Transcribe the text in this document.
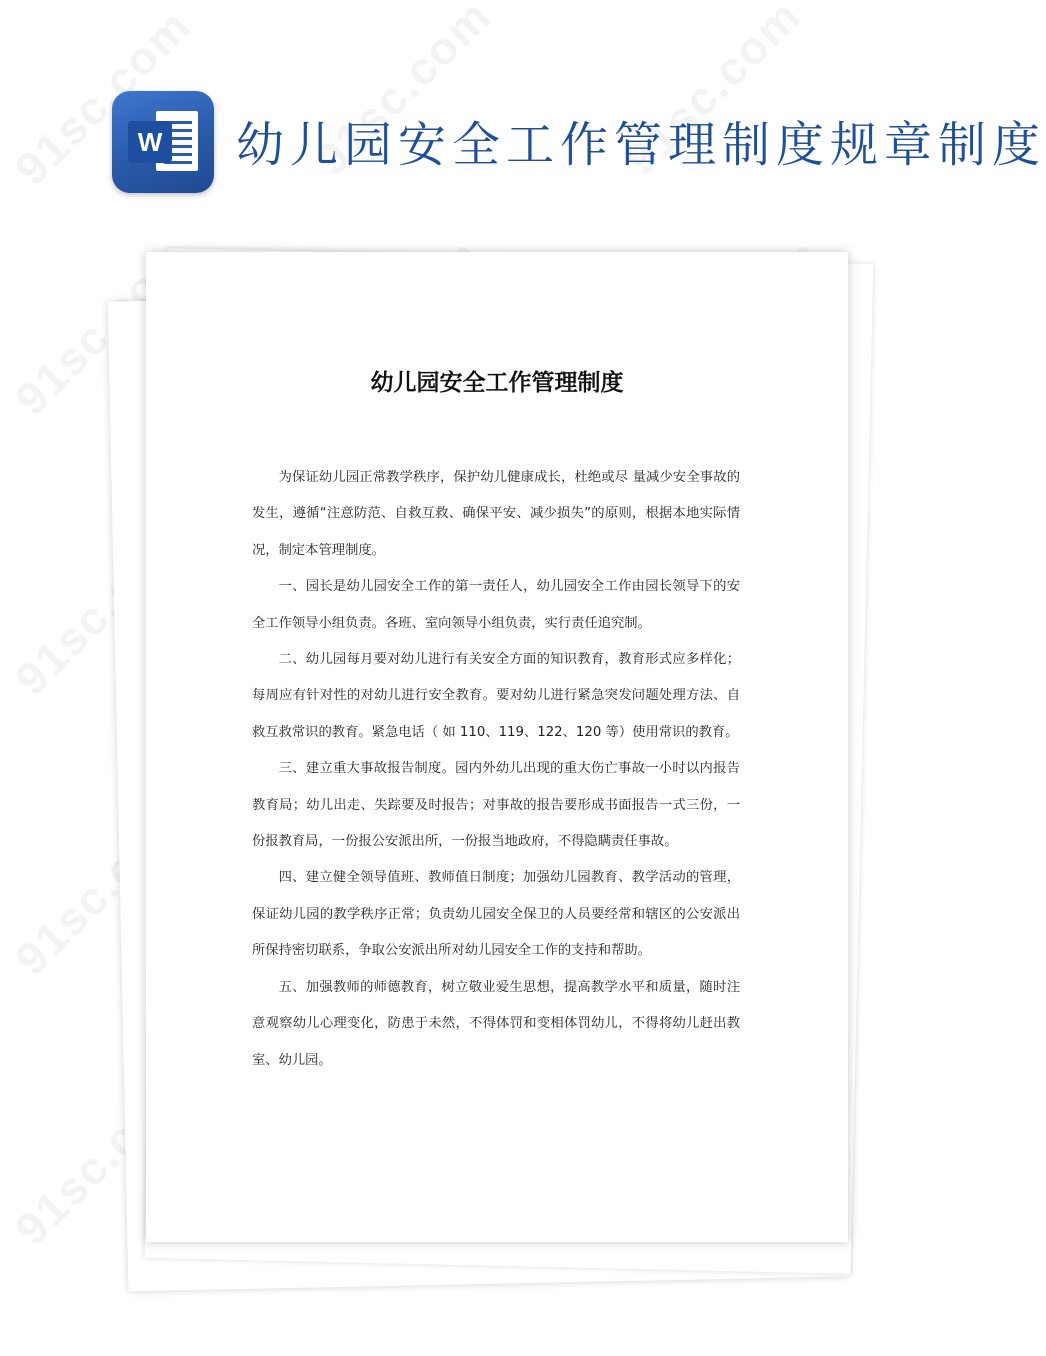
W 幼儿园安全工作管理制度规章制度
幼儿园安全工作管理制度

为保证幼儿园正常教学秩序，保护幼儿健康成长，杜绝或尽 量减少安全事故的发生，遵循“注意防范、自救互救、确保平安、减少损失”的原则，根据本地实际情况，制定本管理制度。

一、园长是幼儿园安全工作的第一责任人，幼儿园安全工作由园长领导下的安全工作领导小组负责。各班、室向领导小组负责，实行责任追究制。

二、幼儿园每月要对幼儿进行有关安全方面的知识教育，教育形式应多样化；每周应有针对性的对幼儿进行安全教育。要对幼儿进行紧急突发问题处理方法、自救互救常识的教育。紧急电话（ 如 110、119、122、120 等）使用常识的教育。

三、建立重大事故报告制度。园内外幼儿出现的重大伤亡事故一小时以内报告教育局；幼儿出走、失踪要及时报告；对事故的报告要形成书面报告一式三份，一份报教育局，一份报公安派出所，一份报当地政府，不得隐瞒责任事故。

四、建立健全领导值班、教师值日制度；加强幼儿园教育、教学活动的管理，保证幼儿园的教学秩序正常；负责幼儿园安全保卫的人员要经常和辖区的公安派出所保持密切联系，争取公安派出所对幼儿园安全工作的支持和帮助。

五、加强教师的师德教育，树立敬业爱生思想，提高教学水平和质量，随时注意观察幼儿心理变化，防患于未然，不得体罚和变相体罚幼儿，不得将幼儿赶出教室、幼儿园。
